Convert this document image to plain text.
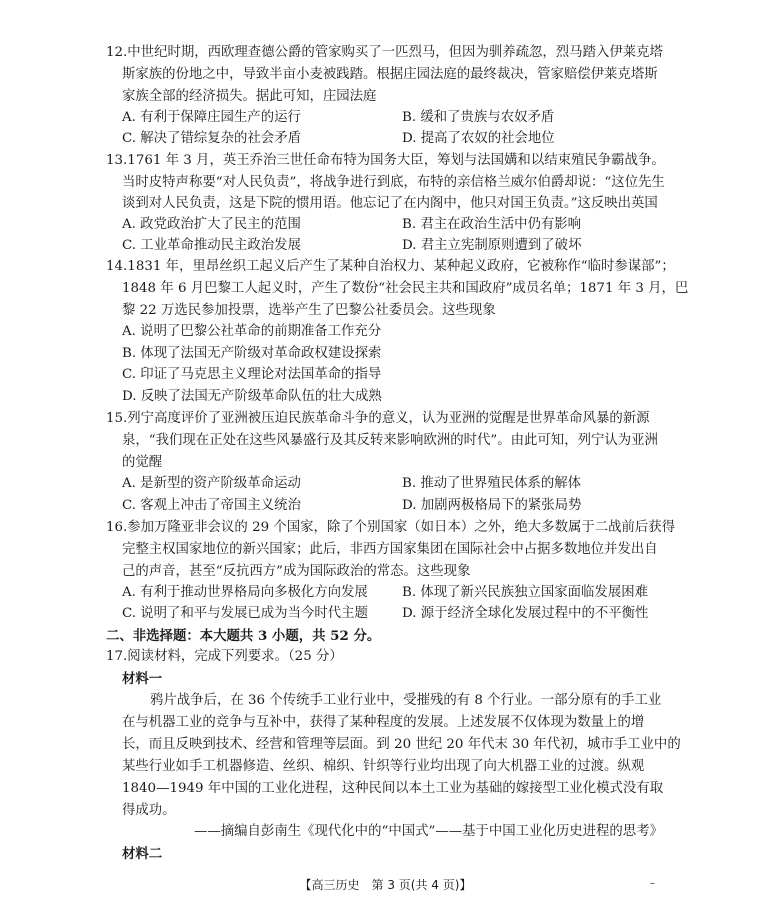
12.中世纪时期，西欧理查德公爵的管家购买了一匹烈马，但因为驯养疏忽，烈马踏入伊莱克塔
斯家族的份地之中，导致半亩小麦被践踏。根据庄园法庭的最终裁决，管家赔偿伊莱克塔斯
家族全部的经济损失。据此可知，庄园法庭
A. 有利于保障庄园生产的运行	B. 缓和了贵族与农奴矛盾
C. 解决了错综复杂的社会矛盾	D. 提高了农奴的社会地位
13.1761 年 3 月，英王乔治三世任命布特为国务大臣，筹划与法国媾和以结束殖民争霸战争。
当时皮特声称要“对人民负责”，将战争进行到底，布特的亲信格兰威尔伯爵却说：“这位先生
谈到对人民负责，这是下院的惯用语。他忘记了在内阁中，他只对国王负责。”这反映出英国
A. 政党政治扩大了民主的范围	B. 君主在政治生活中仍有影响
C. 工业革命推动民主政治发展	D. 君主立宪制原则遭到了破坏
14.1831 年，里昂丝织工起义后产生了某种自治权力、某种起义政府，它被称作“临时参谋部”；
1848 年 6 月巴黎工人起义时，产生了数份“社会民主共和国政府”成员名单；1871 年 3 月，巴
黎 22 万选民参加投票，选举产生了巴黎公社委员会。这些现象
A. 说明了巴黎公社革命的前期准备工作充分
B. 体现了法国无产阶级对革命政权建设探索
C. 印证了马克思主义理论对法国革命的指导
D. 反映了法国无产阶级革命队伍的壮大成熟
15.列宁高度评价了亚洲被压迫民族革命斗争的意义，认为亚洲的觉醒是世界革命风暴的新源
泉，“我们现在正处在这些风暴盛行及其反转来影响欧洲的时代”。由此可知，列宁认为亚洲
的觉醒
A. 是新型的资产阶级革命运动	B. 推动了世界殖民体系的解体
C. 客观上冲击了帝国主义统治	D. 加剧两极格局下的紧张局势
16.参加万隆亚非会议的 29 个国家，除了个别国家（如日本）之外，绝大多数属于二战前后获得
完整主权国家地位的新兴国家；此后，非西方国家集团在国际社会中占据多数地位并发出自
己的声音，甚至“反抗西方”成为国际政治的常态。这些现象
A. 有利于推动世界格局向多极化方向发展	B. 体现了新兴民族独立国家面临发展困难
C. 说明了和平与发展已成为当今时代主题	D. 源于经济全球化发展过程中的不平衡性
二、非选择题：本大题共 3 小题，共 52 分。
17.阅读材料，完成下列要求。（25 分）
材料一
鸦片战争后，在 36 个传统手工业行业中，受摧残的有 8 个行业。一部分原有的手工业
在与机器工业的竞争与互补中，获得了某种程度的发展。上述发展不仅体现为数量上的增
长，而且反映到技术、经营和管理等层面。到 20 世纪 20 年代末 30 年代初，城市手工业中的
某些行业如手工机器修造、丝织、棉织、针织等行业均出现了向大机器工业的过渡。纵观
1840—1949 年中国的工业化进程，这种民间以本土工业为基础的嫁接型工业化模式没有取
得成功。
——摘编自彭南生《现代化中的“中国式”——基于中国工业化历史进程的思考》
材料二
【高三历史　第 3 页(共 4 页)】	–
